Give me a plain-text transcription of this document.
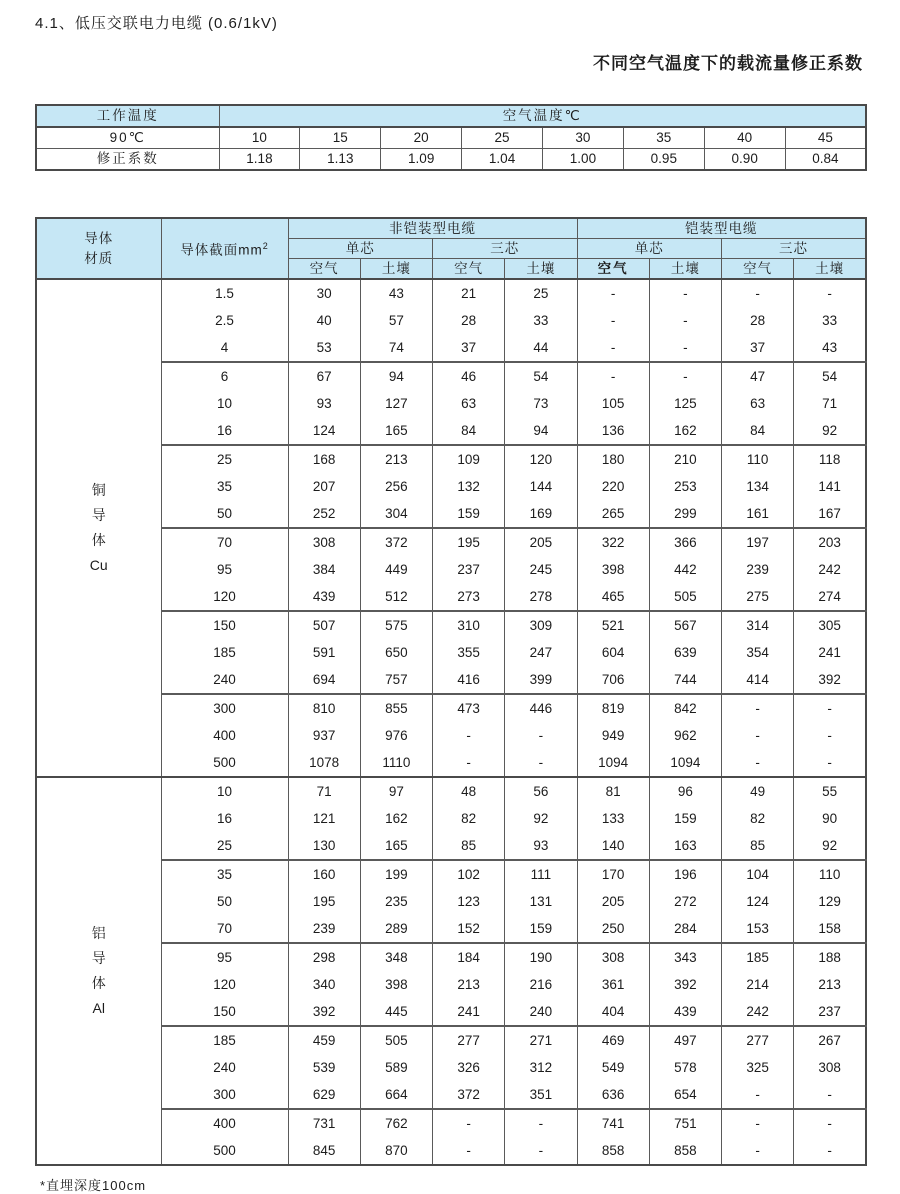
4.1、低压交联电力电缆 (0.6/1kV)
不同空气温度下的载流量修正系数
工作温度	空气温度℃							
90℃	10	15	20	25	30	35	40	45
修正系数	1.18	1.13	1.09	1.04	1.00	0.95	0.90	0.84
导体
材质	导体截面$mm^2$	非铠装型电缆				铠装型电缆			
		单芯		三芯		单芯		三芯	
		空气	土壤	空气	土壤	空气	土壤	空气	土壤

铜
导
体
Cu	1.5	30	43	21	25	-	-	-	-
	2.5	40	57	28	33	-	-	28	33
	4	53	74	37	44	-	-	37	43
	6	67	94	46	54	-	-	47	54
	10	93	127	63	73	105	125	63	71
	16	124	165	84	94	136	162	84	92
	25	168	213	109	120	180	210	110	118
	35	207	256	132	144	220	253	134	141
	50	252	304	159	169	265	299	161	167
	70	308	372	195	205	322	366	197	203
	95	384	449	237	245	398	442	239	242
	120	439	512	273	278	465	505	275	274
	150	507	575	310	309	521	567	314	305
	185	591	650	355	247	604	639	354	241
	240	694	757	416	399	706	744	414	392
	300	810	855	473	446	819	842	-	-
	400	937	976	-	-	949	962	-	-
	500	1078	1110	-	-	1094	1094	-	-

铝
导
体
Al	10	71	97	48	56	81	96	49	55
	16	121	162	82	92	133	159	82	90
	25	130	165	85	93	140	163	85	92
	35	160	199	102	111	170	196	104	110
	50	195	235	123	131	205	272	124	129
	70	239	289	152	159	250	284	153	158
	95	298	348	184	190	308	343	185	188
	120	340	398	213	216	361	392	214	213
	150	392	445	241	240	404	439	242	237
	185	459	505	277	271	469	497	277	267
	240	539	589	326	312	549	578	325	308
	300	629	664	372	351	636	654	-	-
	400	731	762	-	-	741	751	-	-
	500	845	870	-	-	858	858	-	-
*直埋深度100cm
